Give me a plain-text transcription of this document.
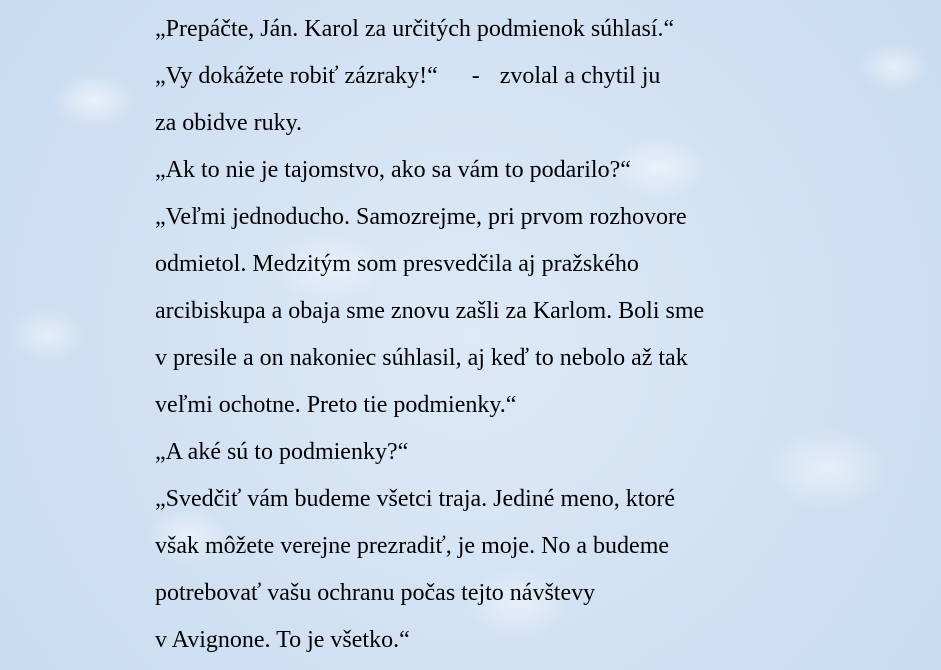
„Prepáčte, Ján. Karol za určitých podmienok súhlasí.“
„Vy dokážete robiť zázraky!“ - zvolal a chytil ju
za obidve ruky.
„Ak to nie je tajomstvo, ako sa vám to podarilo?“
„Veľmi jednoducho. Samozrejme, pri prvom rozhovore
odmietol. Medzitým som presvedčila aj pražského
arcibiskupa a obaja sme znovu zašli za Karlom. Boli sme
v presile a on nakoniec súhlasil, aj keď to nebolo až tak
veľmi ochotne. Preto tie podmienky.“
„A aké sú to podmienky?“
„Svedčiť vám budeme všetci traja. Jediné meno, ktoré
však môžete verejne prezradiť, je moje. No a budeme
potrebovať vašu ochranu počas tejto návštevy
v Avignone. To je všetko.“
